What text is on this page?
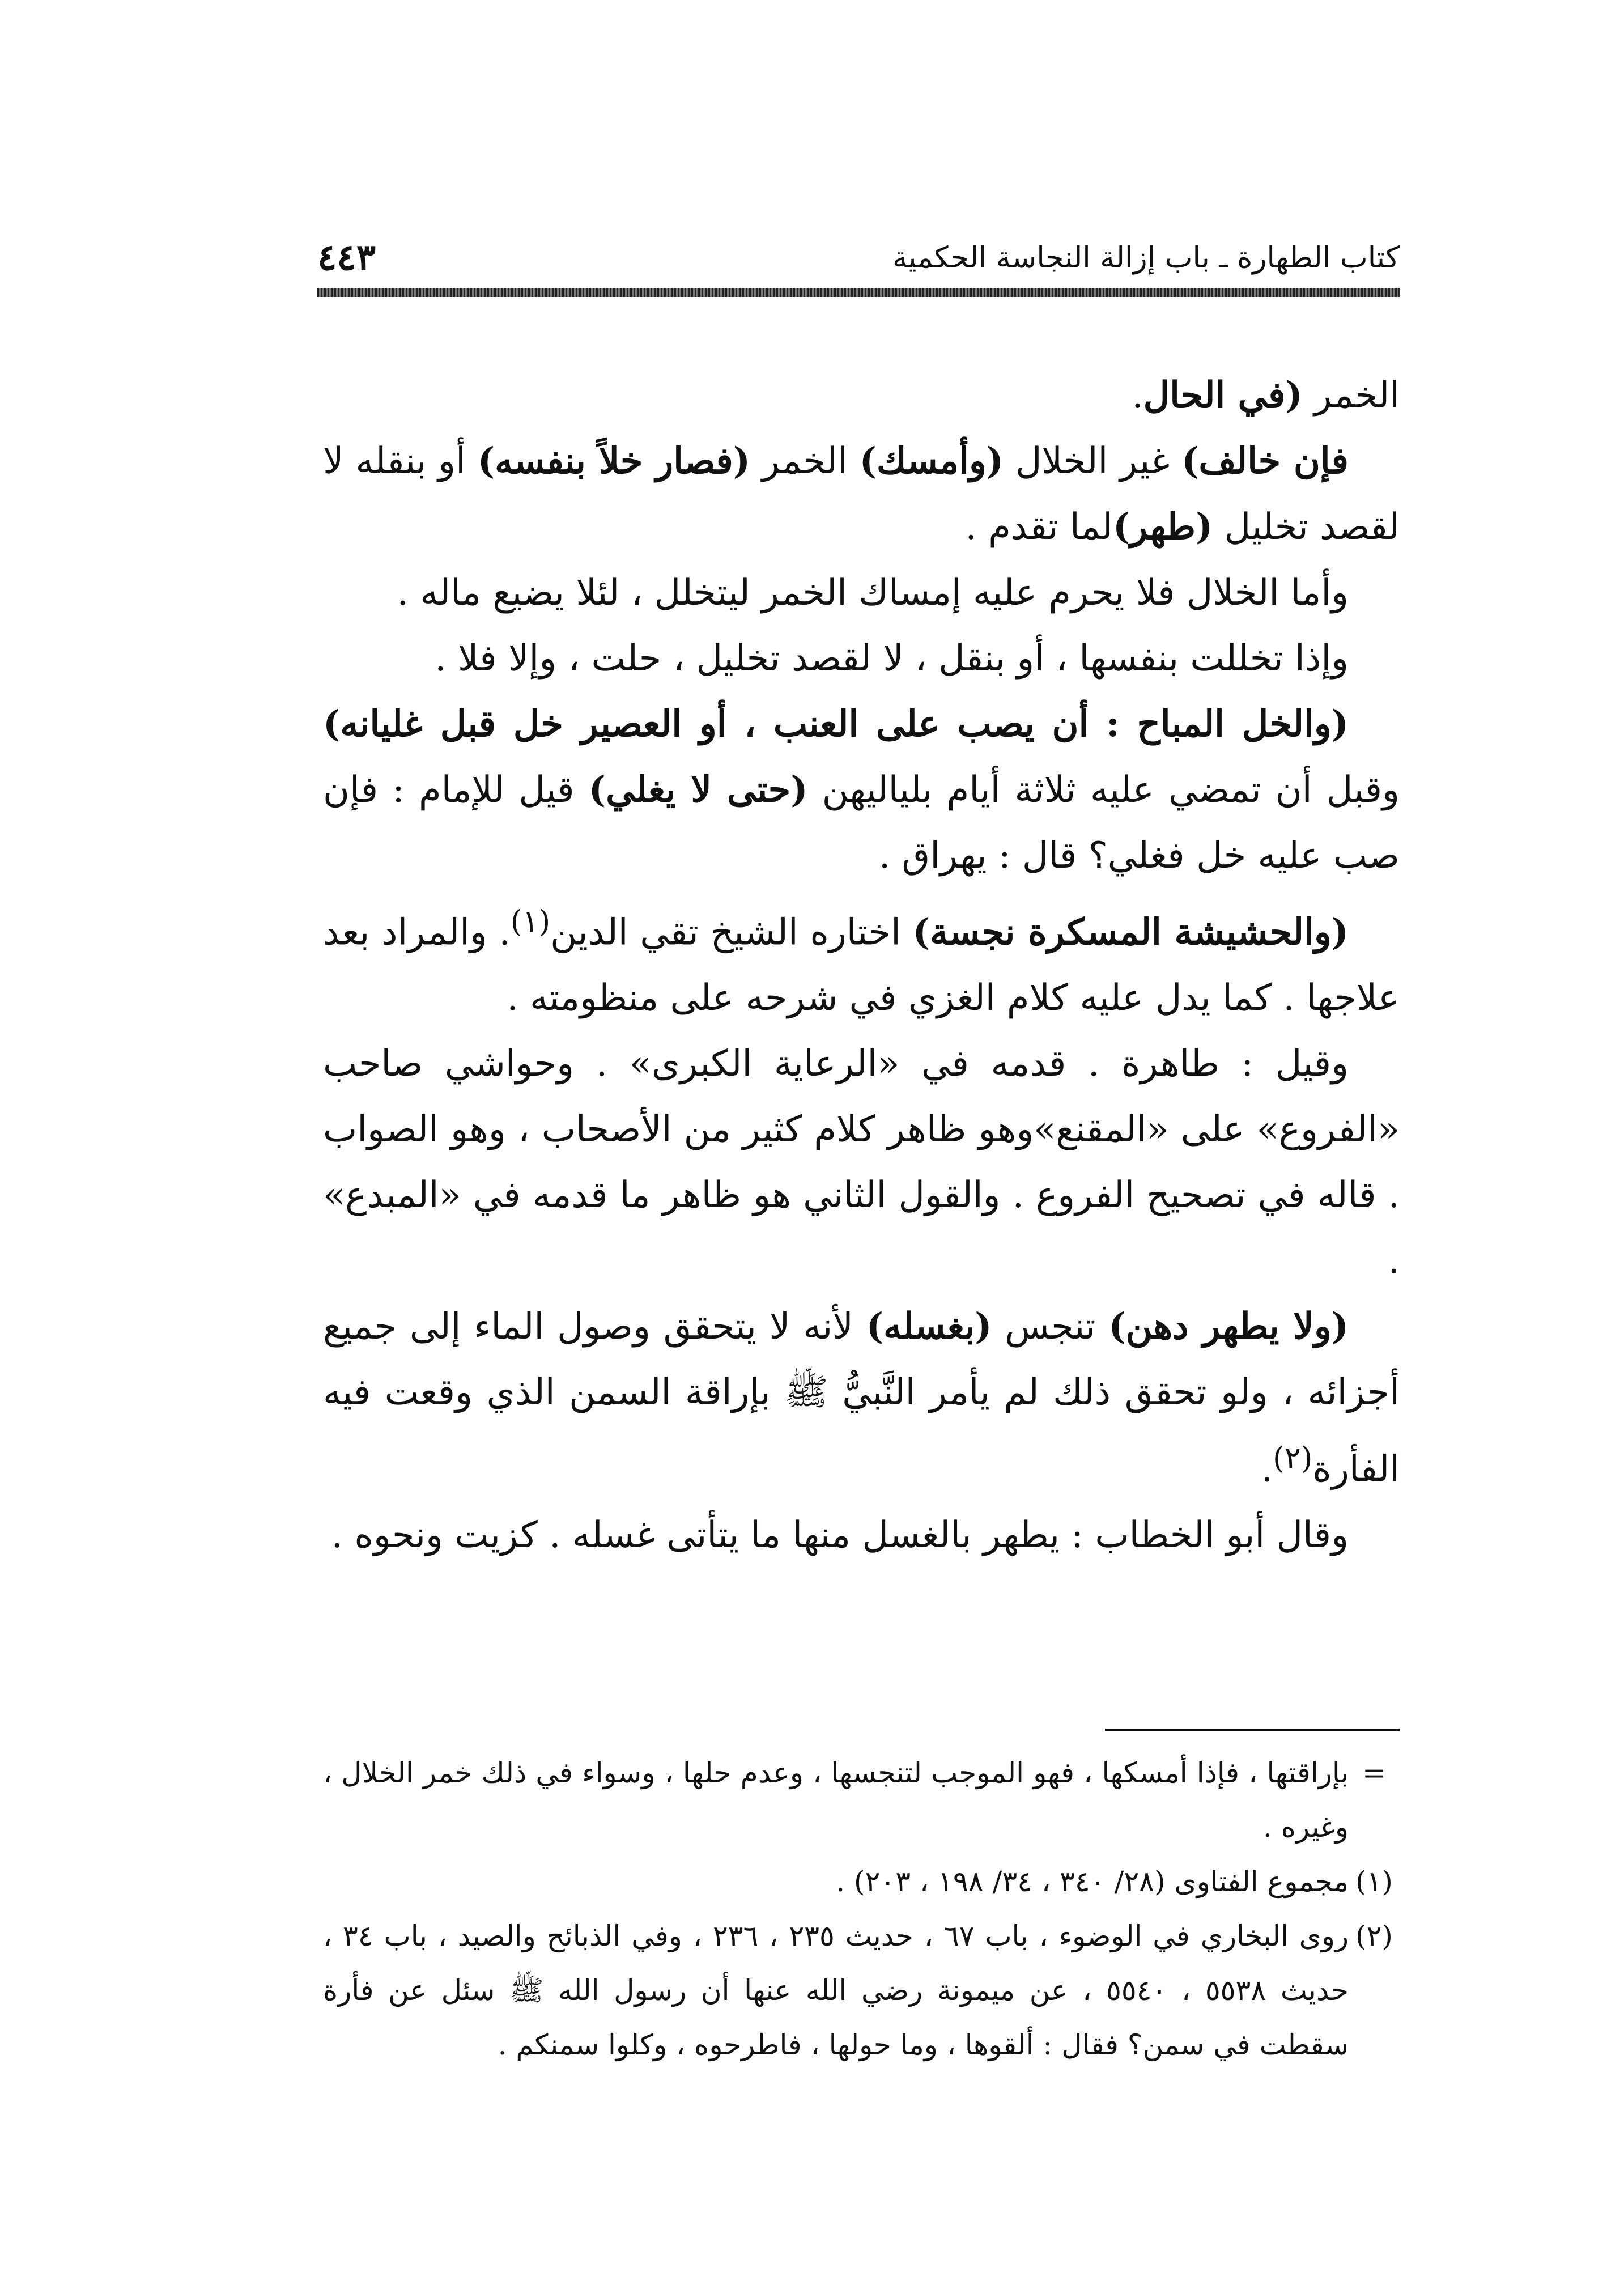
كتاب الطهارة ـ باب إزالة النجاسة الحكمية
٤٤٣

الخمر (في الحال.

فإن خالف) غير الخلال (وأمسك) الخمر (فصار خلاً بنفسه) أو بنقله لا لقصد تخليل (طهر)لما تقدم .

وأما الخلال فلا يحرم عليه إمساك الخمر ليتخلل ، لئلا يضيع ماله .

وإذا تخللت بنفسها ، أو بنقل ، لا لقصد تخليل ، حلت ، وإلا فلا .

(والخل المباح : أن يصب على العنب ، أو العصير خل قبل غليانه) وقبل أن تمضي عليه ثلاثة أيام بلياليهن (حتى لا يغلي) قيل للإمام : فإن صب عليه خل فغلي؟ قال : يهراق .

(والحشيشة المسكرة نجسة) اختاره الشيخ تقي الدين$^{(١)}$. والمراد بعد علاجها . كما يدل عليه كلام الغزي في شرحه على منظومته .

وقيل : طاهرة . قدمه في «الرعاية الكبرى» . وحواشي صاحب «الفروع» على «المقنع»وهو ظاهر كلام كثير من الأصحاب ، وهو الصواب . قاله في تصحيح الفروع . والقول الثاني هو ظاهر ما قدمه في «المبدع» .

(ولا يطهر دهن) تنجس (بغسله) لأنه لا يتحقق وصول الماء إلى جميع أجزائه ، ولو تحقق ذلك لم يأمر النَّبيُّ ﷺ بإراقة السمن الذي وقعت فيه الفأرة$^{(٢)}$.

وقال أبو الخطاب : يطهر بالغسل منها ما يتأتى غسله . كزيت ونحوه .

=
بإراقتها ، فإذا أمسكها ، فهو الموجب لتنجسها ، وعدم حلها ، وسواء في ذلك خمر الخلال ، وغيره .
(١)
مجموع الفتاوى (٢٨/ ٣٤٠ ، ٣٤/ ١٩٨ ، ٢٠٣) .
(٢)
روى البخاري في الوضوء ، باب ٦٧ ، حديث ٢٣٥ ، ٢٣٦ ، وفي الذبائح والصيد ، باب ٣٤ ، حديث ٥٥٣٨ ، ٥٥٤٠ ، عن ميمونة رضي الله عنها أن رسول الله ﷺ سئل عن فأرة سقطت في سمن؟ فقال : ألقوها ، وما حولها ، فاطرحوه ، وكلوا سمنكم .
